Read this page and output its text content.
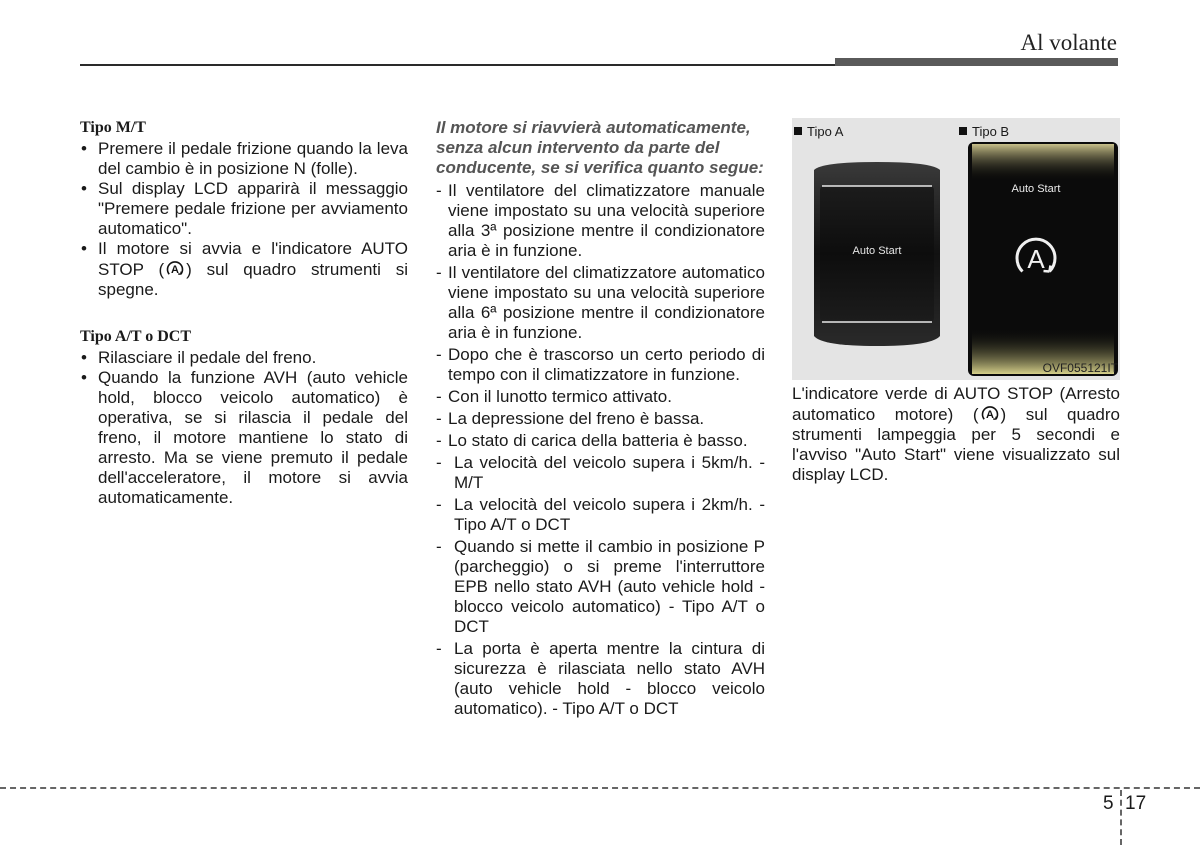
Al volante
Tipo M/T
• Premere il pedale frizione quando la leva del cambio è in posizione N (folle).
• Sul display LCD apparirà il messaggio "Premere pedale frizione per avviamento automatico".
• Il motore si avvia e l'indicatore AUTO STOP ( A ) sul quadro strumenti si spegne.
Tipo A/T o DCT
• Rilasciare il pedale del freno.
• Quando la funzione AVH (auto vehicle hold, blocco veicolo automatico) è operativa, se si rilascia il pedale del freno, il motore mantiene lo stato di arresto. Ma se viene premuto il pedale dell'acceleratore, il motore si avvia automaticamente.
Il motore si riavvierà automaticamente, senza alcun intervento da parte del conducente, se si verifica quanto segue:
- Il ventilatore del climatizzatore manuale viene impostato su una velocità superiore alla 3ª posizione mentre il condizionatore aria è in funzione.
- Il ventilatore del climatizzatore automatico viene impostato su una velocità superiore alla 6ª posizione mentre il condizionatore aria è in funzione.
- Dopo che è trascorso un certo periodo di tempo con il climatizzatore in funzione.
- Con il lunotto termico attivato.
- La depressione del freno è bassa.
- Lo stato di carica della batteria è basso.
- La velocità del veicolo supera i 5km/h. -M/T
- La velocità del veicolo supera i 2km/h. - Tipo A/T o DCT
- Quando si mette il cambio in posizione P (parcheggio) o si preme l'interruttore EPB nello stato AVH (auto vehicle hold - blocco veicolo automatico) - Tipo A/T o DCT
- La porta è aperta mentre la cintura di sicurezza è rilasciata nello stato AVH (auto vehicle hold - blocco veicolo automatico). - Tipo A/T o DCT
Tipo A	Tipo B
Auto Start
Auto Start
A
OVF055121IT
L'indicatore verde di AUTO STOP (Arresto automatico motore) ( A ) sul quadro strumenti lampeggia per 5 secondi e l'avviso "Auto Start" viene visualizzato sul display LCD.
5 17
